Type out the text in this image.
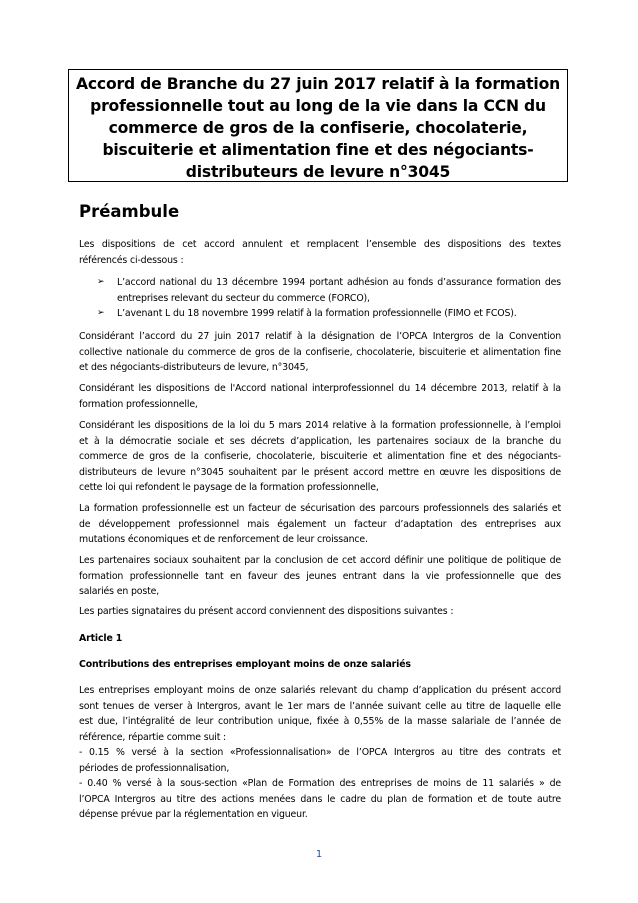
Accord de Branche du 27 juin 2017 relatif à la formation
professionnelle tout au long de la vie dans la CCN du
commerce de gros de la confiserie, chocolaterie,
biscuiterie et alimentation fine et des négociants-
distributeurs de levure n°3045
Préambule
Les dispositions de cet accord annulent et remplacent l’ensemble des dispositions des textes
référencés ci-dessous :
➢ L’accord national du 13 décembre 1994 portant adhésion au fonds d’assurance formation des
entreprises relevant du secteur du commerce (FORCO),
➢ L’avenant L du 18 novembre 1999 relatif à la formation professionnelle (FIMO et FCOS).
Considérant l’accord du 27 juin 2017 relatif à la désignation de l’OPCA Intergros de la Convention
collective nationale du commerce de gros de la confiserie, chocolaterie, biscuiterie et alimentation fine
et des négociants-distributeurs de levure, n°3045,
Considérant les dispositions de l'Accord national interprofessionnel du 14 décembre 2013, relatif à la
formation professionnelle,
Considérant les dispositions de la loi du 5 mars 2014 relative à la formation professionnelle, à l’emploi
et à la démocratie sociale et ses décrets d’application, les partenaires sociaux de la branche du
commerce de gros de la confiserie, chocolaterie, biscuiterie et alimentation fine et des négociants-
distributeurs de levure n°3045 souhaitent par le présent accord mettre en œuvre les dispositions de
cette loi qui refondent le paysage de la formation professionnelle,
La formation professionnelle est un facteur de sécurisation des parcours professionnels des salariés et
de développement professionnel mais également un facteur d’adaptation des entreprises aux
mutations économiques et de renforcement de leur croissance.
Les partenaires sociaux souhaitent par la conclusion de cet accord définir une politique de politique de
formation professionnelle tant en faveur des jeunes entrant dans la vie professionnelle que des
salariés en poste,
Les parties signataires du présent accord conviennent des dispositions suivantes :
Article 1
Contributions des entreprises employant moins de onze salariés
Les entreprises employant moins de onze salariés relevant du champ d’application du présent accord
sont tenues de verser à Intergros, avant le 1er mars de l’année suivant celle au titre de laquelle elle
est due, l’intégralité de leur contribution unique, fixée à 0,55% de la masse salariale de l’année de
référence, répartie comme suit :
- 0.15 % versé à la section «Professionnalisation» de l’OPCA Intergros au titre des contrats et
périodes de professionnalisation,
- 0.40 % versé à la sous-section «Plan de Formation des entreprises de moins de 11 salariés » de
l’OPCA Intergros au titre des actions menées dans le cadre du plan de formation et de toute autre
dépense prévue par la réglementation en vigueur.
1
